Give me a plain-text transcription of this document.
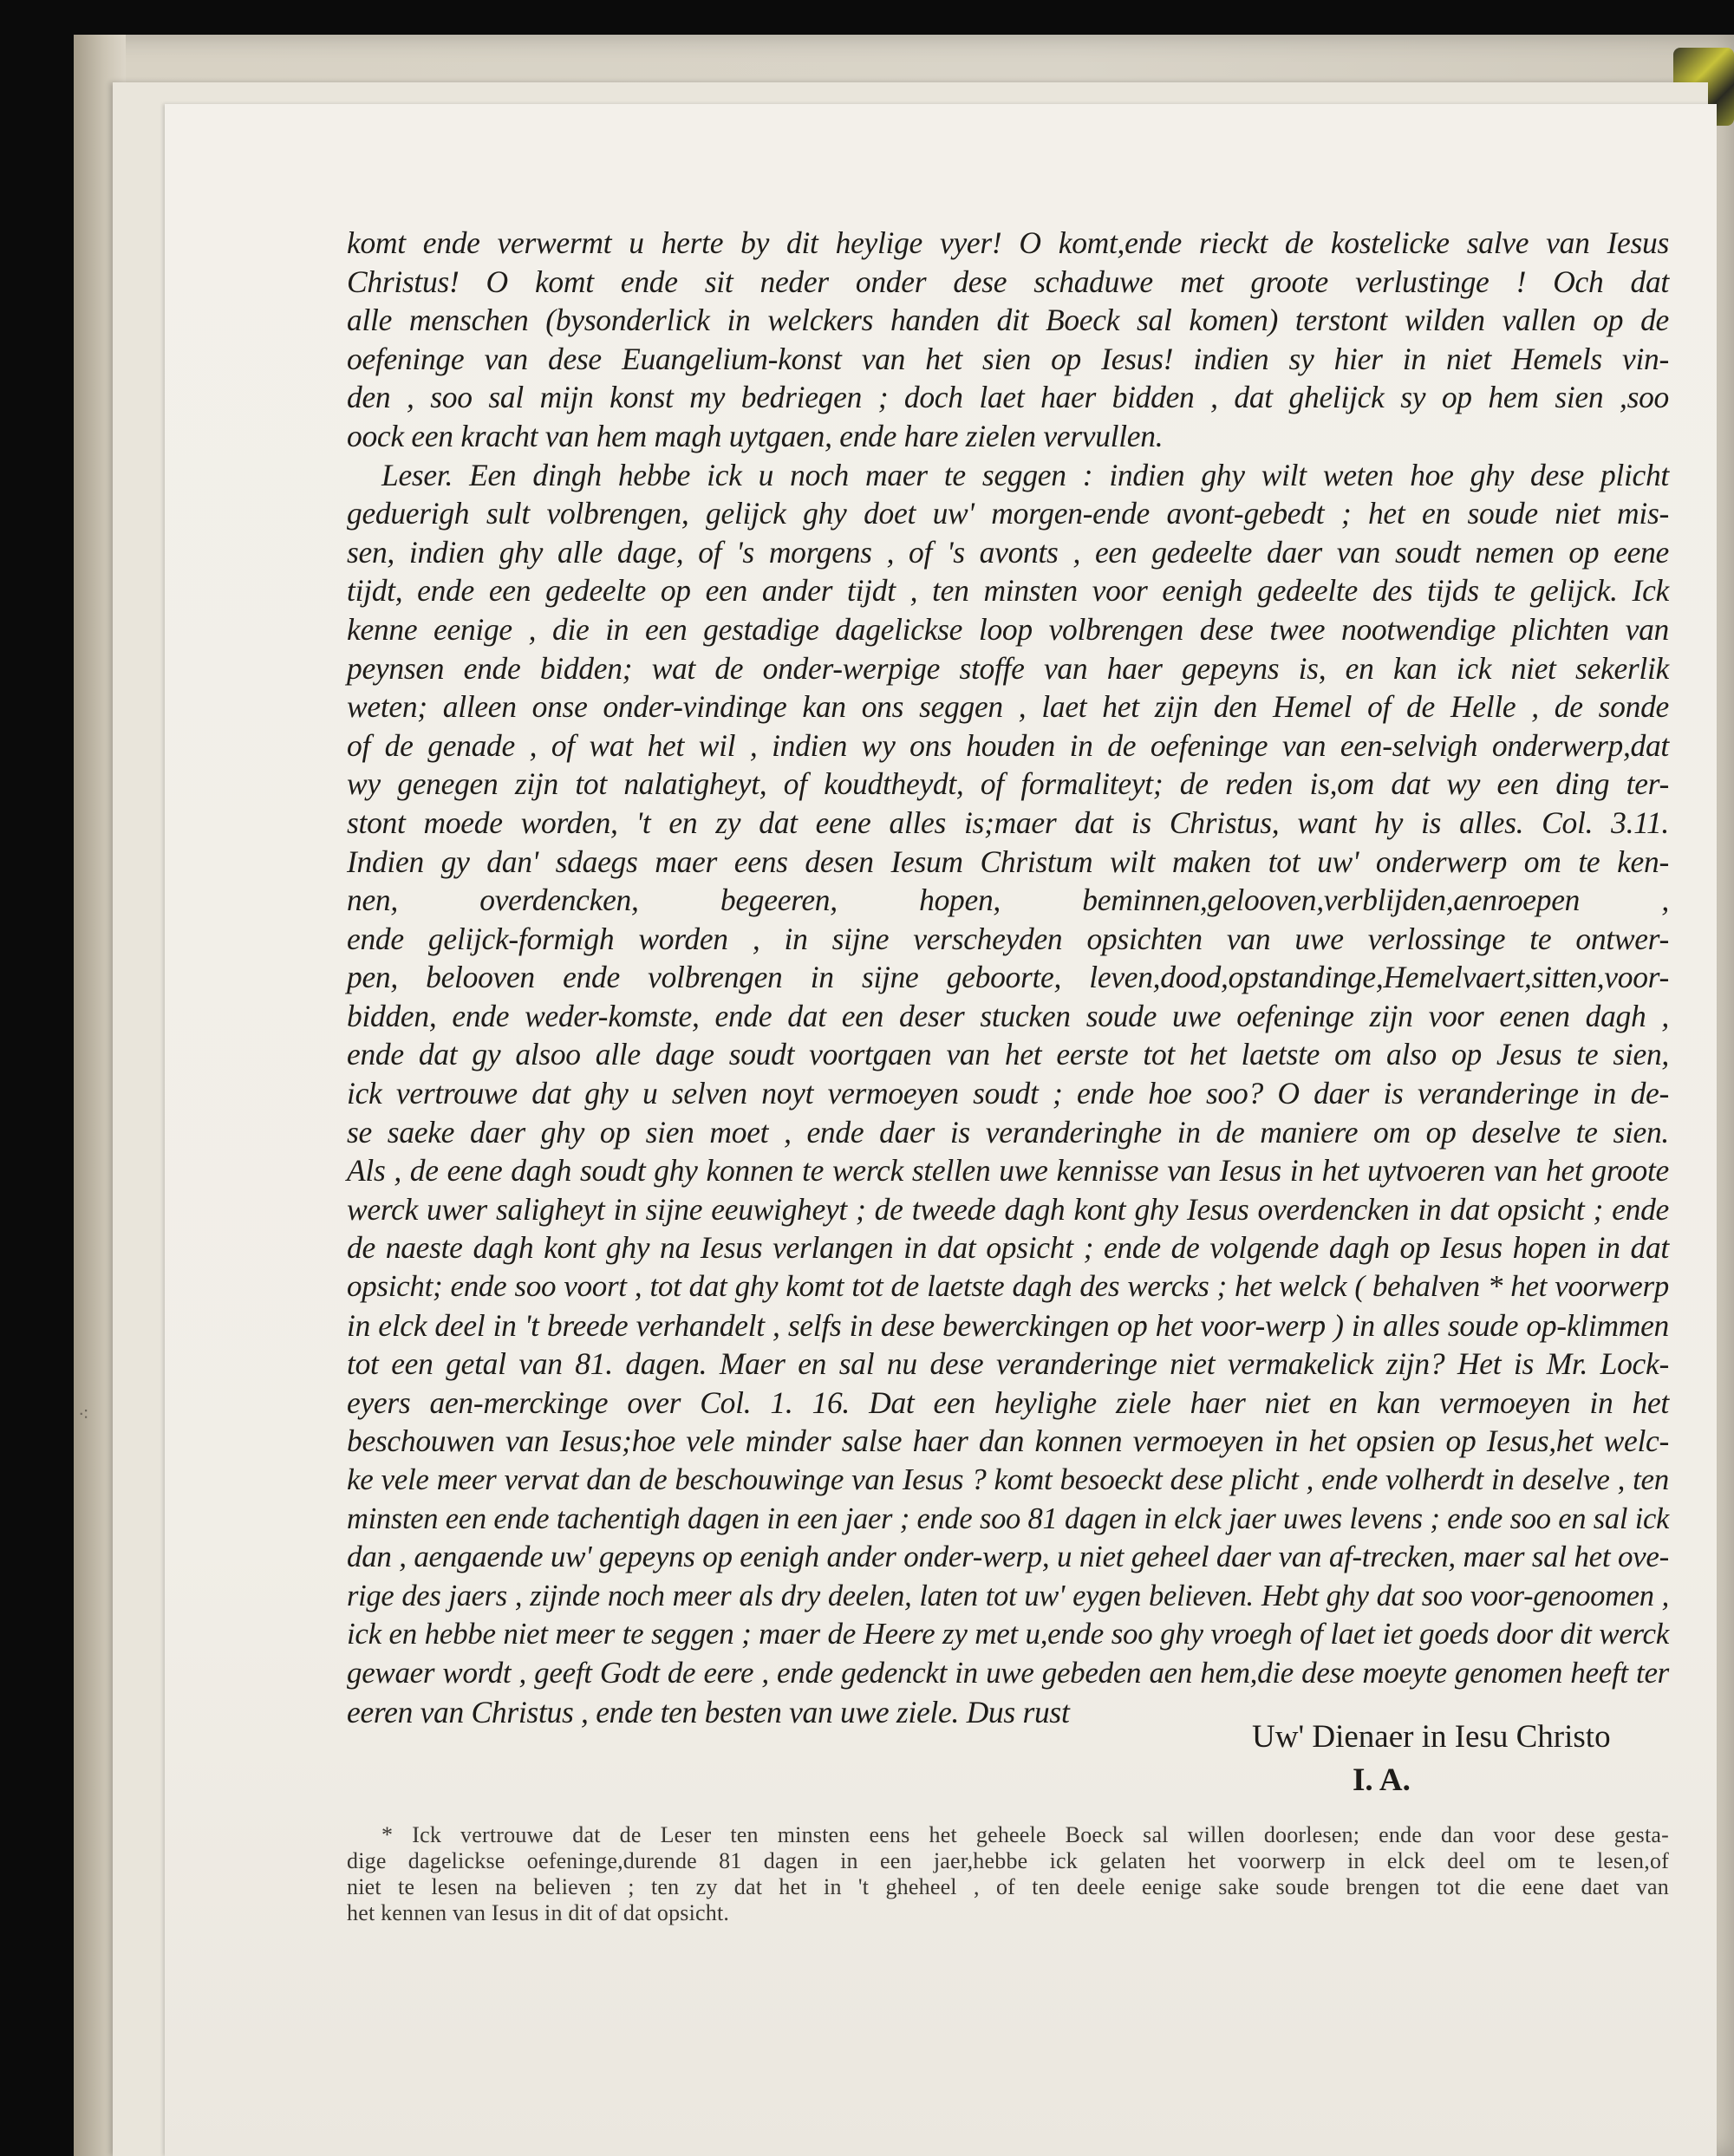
⁖
komt ende verwermt u herte by dit heylige vyer! O komt,ende rieckt de kostelicke salve van Iesus
Christus! O komt ende sit neder onder dese schaduwe met groote verlustinge ! Och dat
alle menschen (bysonderlick in welckers handen dit Boeck sal komen) terstont wilden vallen op de
oefeninge van dese Euangelium-konst van het sien op Iesus! indien sy hier in niet Hemels vin-
den , soo sal mijn konst my bedriegen ; doch laet haer bidden , dat ghelijck sy op hem sien ,soo
oock een kracht van hem magh uytgaen, ende hare zielen vervullen.
Leser. Een dingh hebbe ick u noch maer te seggen : indien ghy wilt weten hoe ghy dese plicht
geduerigh sult volbrengen, gelijck ghy doet uw' morgen-ende avont-gebedt ; het en soude niet mis-
sen, indien ghy alle dage, of 's morgens , of 's avonts , een gedeelte daer van soudt nemen op eene
tijdt, ende een gedeelte op een ander tijdt , ten minsten voor eenigh gedeelte des tijds te gelijck. Ick
kenne eenige , die in een gestadige dagelickse loop volbrengen dese twee nootwendige plichten van
peynsen ende bidden; wat de onder-werpige stoffe van haer gepeyns is, en kan ick niet sekerlik
weten; alleen onse onder-vindinge kan ons seggen , laet het zijn den Hemel of de Helle , de sonde
of de genade , of wat het wil , indien wy ons houden in de oefeninge van een-selvigh onderwerp,dat
wy genegen zijn tot nalatigheyt, of koudtheydt, of formaliteyt; de reden is,om dat wy een ding ter-
stont moede worden, 't en zy dat eene alles is;maer dat is Christus, want hy is alles. Col. 3.11.
Indien gy dan' sdaegs maer eens desen Iesum Christum wilt maken tot uw' onderwerp om te ken-
nen, overdencken, begeeren, hopen, beminnen,gelooven,verblijden,aenroepen ,
ende gelijck-formigh worden , in sijne verscheyden opsichten van uwe verlossinge te ontwer-
pen, belooven ende volbrengen in sijne geboorte, leven,dood,opstandinge,Hemelvaert,sitten,voor-
bidden, ende weder-komste, ende dat een deser stucken soude uwe oefeninge zijn voor eenen dagh ,
ende dat gy alsoo alle dage soudt voortgaen van het eerste tot het laetste om also op Jesus te sien,
ick vertrouwe dat ghy u selven noyt vermoeyen soudt ; ende hoe soo? O daer is veranderinge in de-
se saeke daer ghy op sien moet , ende daer is veranderinghe in de maniere om op deselve te sien.
Als , de eene dagh soudt ghy konnen te werck stellen uwe kennisse van Iesus in het uytvoeren van het groote
werck uwer saligheyt in sijne eeuwigheyt ; de tweede dagh kont ghy Iesus overdencken in dat opsicht ; ende
de naeste dagh kont ghy na Iesus verlangen in dat opsicht ; ende de volgende dagh op Iesus hopen in dat
opsicht; ende soo voort , tot dat ghy komt tot de laetste dagh des wercks ; het welck ( behalven * het voorwerp
in elck deel in 't breede verhandelt , selfs in dese bewerckingen op het voor-werp ) in alles soude op-klimmen
tot een getal van 81. dagen. Maer en sal nu dese veranderinge niet vermakelick zijn? Het is Mr. Lock-
eyers aen-merckinge over Col. 1. 16. Dat een heylighe ziele haer niet en kan vermoeyen in het
beschouwen van Iesus;hoe vele minder salse haer dan konnen vermoeyen in het opsien op Iesus,het welc-
ke vele meer vervat dan de beschouwinge van Iesus ? komt besoeckt dese plicht , ende volherdt in deselve , ten
minsten een ende tachentigh dagen in een jaer ; ende soo 81 dagen in elck jaer uwes levens ; ende soo en sal ick
dan , aengaende uw' gepeyns op eenigh ander onder-werp, u niet geheel daer van af-trecken, maer sal het ove-
rige des jaers , zijnde noch meer als dry deelen, laten tot uw' eygen believen. Hebt ghy dat soo voor-genoomen ,
ick en hebbe niet meer te seggen ; maer de Heere zy met u,ende soo ghy vroegh of laet iet goeds door dit werck
gewaer wordt , geeft Godt de eere , ende gedenckt in uwe gebeden aen hem,die dese moeyte genomen heeft ter
eeren van Christus , ende ten besten van uwe ziele. Dus rust
Uw' Dienaer in Iesu Christo
I. A.
* Ick vertrouwe dat de Leser ten minsten eens het geheele Boeck sal willen doorlesen; ende dan voor dese gesta-
dige dagelickse oefeninge,durende 81 dagen in een jaer,hebbe ick gelaten het voorwerp in elck deel om te lesen,of
niet te lesen na believen ; ten zy dat het in 't gheheel , of ten deele eenige sake soude brengen tot die eene daet van
het kennen van Iesus in dit of dat opsicht.
